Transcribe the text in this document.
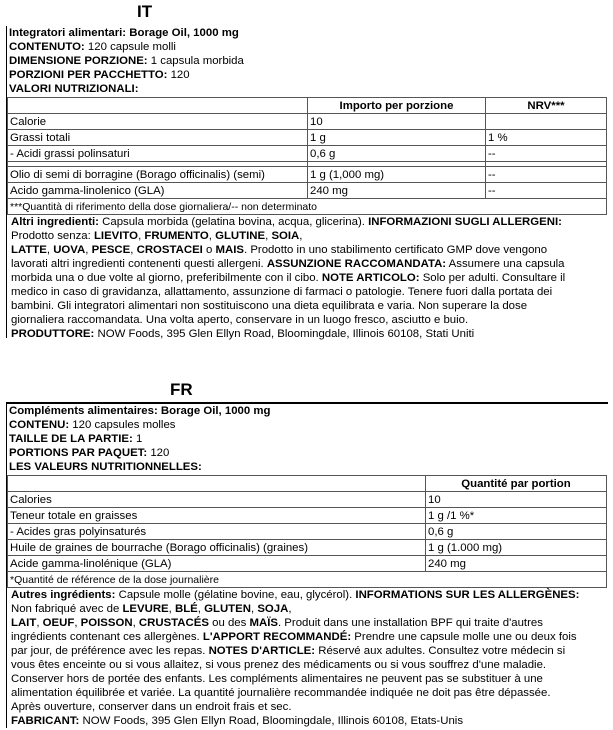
IT
Integratori alimentari: Borage Oil, 1000 mg
CONTENUTO: 120 capsule molli
DIMENSIONE PORZIONE: 1 capsula morbida
PORZIONI PER PACCHETTO: 120
VALORI NUTRIZIONALI:
	Importo per porzione	NRV***
Calorie	10	
Grassi totali	1 g	1 %
- Acidi grassi polinsaturi	0,6 g	--

Olio di semi di borragine (Borago officinalis) (semi)	1 g (1,000 mg)	--
Acido gamma-linolenico (GLA)	240 mg	--
***Quantità di riferimento della dose giornaliera/-- non determinato		
Altri ingredienti: Capsula morbida (gelatina bovina, acqua, glicerina). INFORMAZIONI SUGLI ALLERGENI:
Prodotto senza: LIEVITO, FRUMENTO, GLUTINE, SOIA,
LATTE, UOVA, PESCE, CROSTACEI o MAIS. Prodotto in uno stabilimento certificato GMP dove vengono
lavorati altri ingredienti contenenti questi allergeni. ASSUNZIONE RACCOMANDATA: Assumere una capsula
morbida una o due volte al giorno, preferibilmente con il cibo. NOTE ARTICOLO: Solo per adulti. Consultare il
medico in caso di gravidanza, allattamento, assunzione di farmaci o patologie. Tenere fuori dalla portata dei
bambini. Gli integratori alimentari non sostituiscono una dieta equilibrata e varia. Non superare la dose
giornaliera raccomandata. Una volta aperto, conservare in un luogo fresco, asciutto e buio.
PRODUTTORE: NOW Foods, 395 Glen Ellyn Road, Bloomingdale, Illinois 60108, Stati Uniti
FR
Compléments alimentaires: Borage Oil, 1000 mg
CONTENU: 120 capsules molles
TAILLE DE LA PARTIE: 1
PORTIONS PAR PAQUET: 120
LES VALEURS NUTRITIONNELLES:
	Quantité par portion
Calories	10
Teneur totale en graisses	1 g /1 %*
- Acides gras polyinsaturés	0,6 g
Huile de graines de bourrache (Borago officinalis) (graines)	1 g (1.000 mg)
Acide gamma-linolénique (GLA)	240 mg
*Quantité de référence de la dose journalière	
Autres ingrédients: Capsule molle (gélatine bovine, eau, glycérol). INFORMATIONS SUR LES ALLERGÈNES:
Non fabriqué avec de LEVURE, BLÉ, GLUTEN, SOJA,
LAIT, OEUF, POISSON, CRUSTACÉS ou des MAÏS. Produit dans une installation BPF qui traite d'autres
ingrédients contenant ces allergènes. L'APPORT RECOMMANDÉ: Prendre une capsule molle une ou deux fois
par jour, de préférence avec les repas. NOTES D'ARTICLE: Réservé aux adultes. Consultez votre médecin si
vous êtes enceinte ou si vous allaitez, si vous prenez des médicaments ou si vous souffrez d'une maladie.
Conserver hors de portée des enfants. Les compléments alimentaires ne peuvent pas se substituer à une
alimentation équilibrée et variée. La quantité journalière recommandée indiquée ne doit pas être dépassée.
Après ouverture, conserver dans un endroit frais et sec.
FABRICANT: NOW Foods, 395 Glen Ellyn Road, Bloomingdale, Illinois 60108, Etats-Unis
